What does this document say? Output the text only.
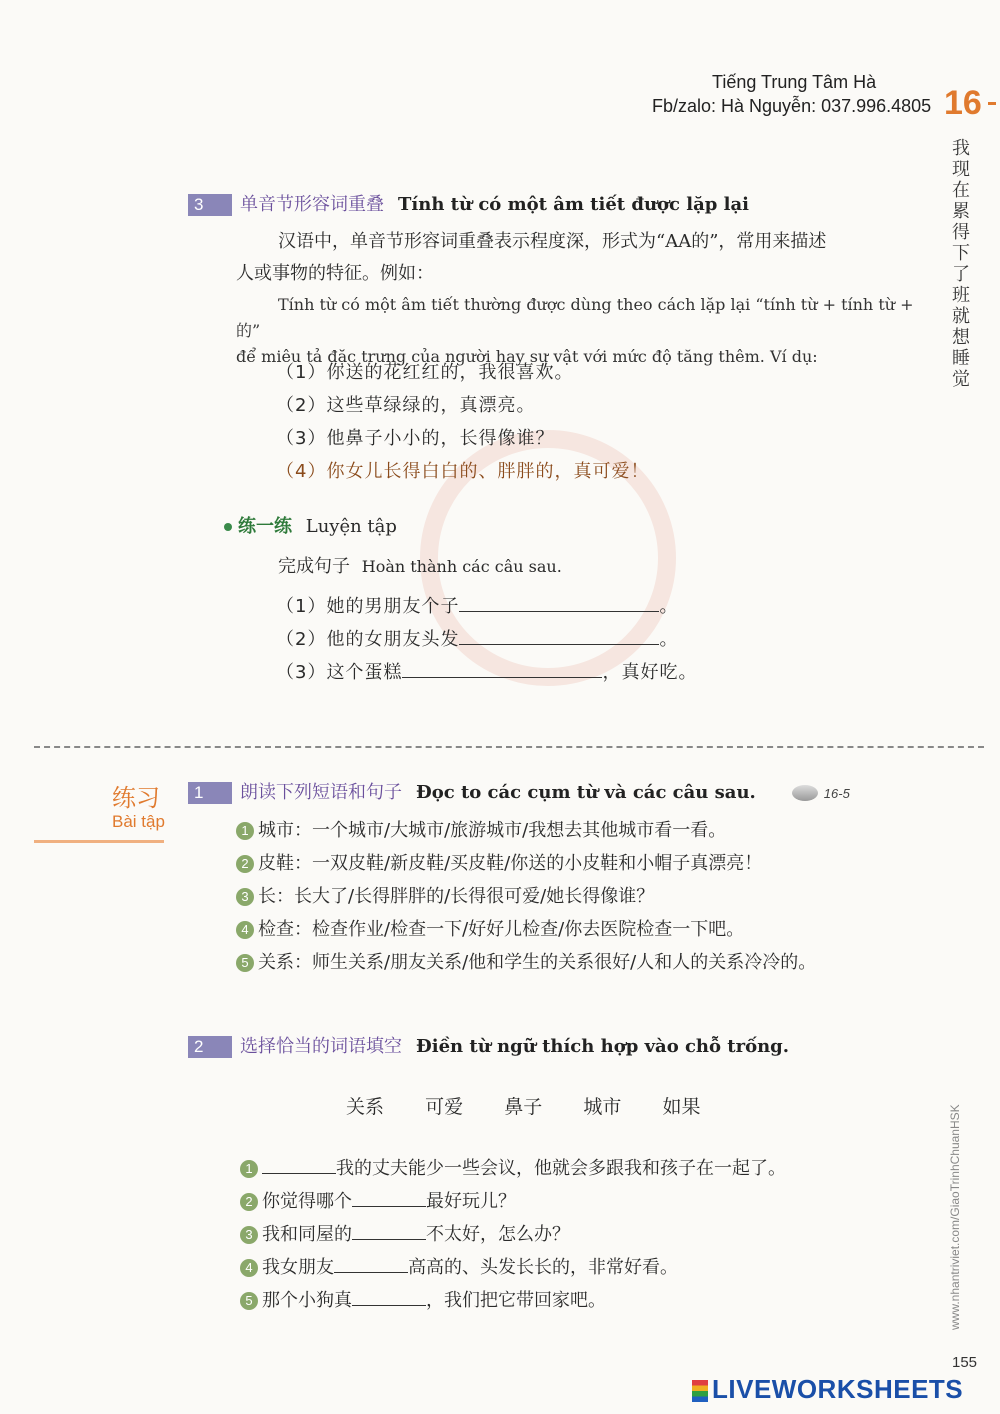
Tiếng Trung Tâm Hà
Fb/zalo: Hà Nguyễn: 037.996.4805 16
我现在累得下了班就想睡觉
www.nhantriviet.com/GiaoTrinhChuanHSK
3 单音节形容词重叠 Tính từ có một âm tiết được lặp lại
汉语中，单音节形容词重叠表示程度深，形式为“AA的”，常用来描述
人或事物的特征。例如：
Tính từ có một âm tiết thường được dùng theo cách lặp lại “tính từ + tính từ + 的”
để miêu tả đặc trưng của người hay sự vật với mức độ tăng thêm. Ví dụ:
（1）你送的花红红的，我很喜欢。
（2）这些草绿绿的，真漂亮。
（3）他鼻子小小的，长得像谁？
（4）你女儿长得白白的、胖胖的，真可爱！
练一练 Luyện tập
完成句子 Hoàn thành các câu sau.
（1）她的男朋友个子	。
（2）他的女朋友头发	。
（3）这个蛋糕	，真好吃。
练习
Bài tập
1 朗读下列短语和句子 Đọc to các cụm từ và các câu sau.	16-5
1 城市：一个城市/大城市/旅游城市/我想去其他城市看一看。
2 皮鞋：一双皮鞋/新皮鞋/买皮鞋/你送的小皮鞋和小帽子真漂亮！
3 长：长大了/长得胖胖的/长得很可爱/她长得像谁？
4 检查：检查作业/检查一下/好好儿检查/你去医院检查一下吧。
5 关系：师生关系/朋友关系/他和学生的关系很好/人和人的关系冷冷的。
2 选择恰当的词语填空 Điền từ ngữ thích hợp vào chỗ trống.
关系 可爱 鼻子 城市 如果
1	我的丈夫能少一些会议，他就会多跟我和孩子在一起了。
2 你觉得哪个	最好玩儿？
3 我和同屋的	不太好，怎么办？
4 我女朋友	高高的、头发长长的，非常好看。
5 那个小狗真	，我们把它带回家吧。
155
LIVEWORKSHEETS
